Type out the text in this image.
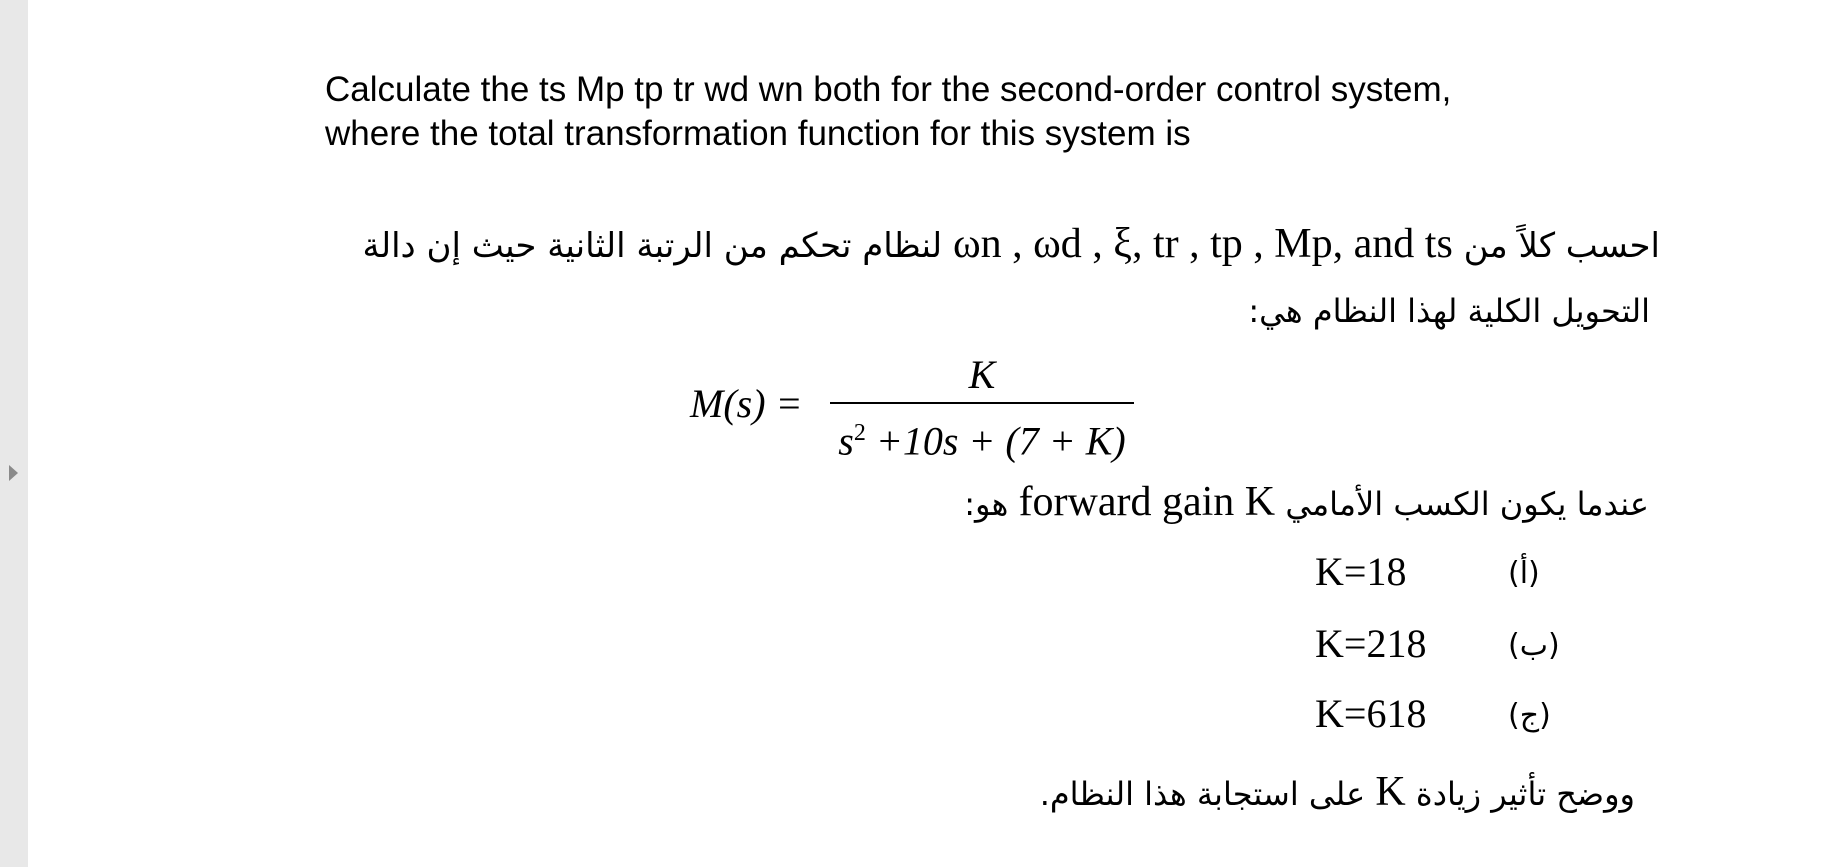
Calculate the ts Mp tp tr wd wn both for the second-order control system,
where the total transformation function for this system is
احسب كلاً من ωn , ωd , ξ, tr , tp , Mp, and ts لنظام تحكم من الرتبة الثانية حيث إن دالة
التحويل الكلية لهذا النظام هي:
M(s) =
K
$s^2 +10s + (7 + K)$
عندما يكون الكسب الأمامي forward gain K هو:
K=18	(أ)
K=218	(ب)
K=618	(ج)
ووضح تأثير زيادة K على استجابة هذا النظام.
